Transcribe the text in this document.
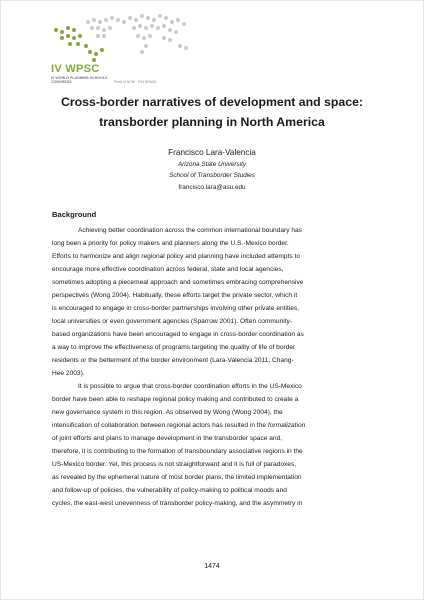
IV WPSC
IV WORLD PLANNING SCHOOLS CONGRESS	Perth of NOW · RIO BRAZIL
Cross-border narratives of development and space:
transborder planning in North America
Francisco Lara-Valencia
Arizona State University
School of Transborder Studies
francisco.lara@asu.edu
Background
Achieving better coordination across the common international boundary has
long been a priority for policy makers and planners along the U.S.-Mexico border.
Efforts to harmonize and align regional policy and planning have included attempts to
encourage more effective coordination across federal, state and local agencies,
sometimes adopting a piecemeal approach and sometimes embracing comprehensive
perspectives (Wong 2004). Habitually, these efforts target the private sector, which it
is encouraged to engage in cross-border partnerships involving other private entities,
local universities or even government agencies (Sparrow 2001). Often community-
based organizations have been encouraged to engage in cross-border coordination as
a way to improve the effectiveness of programs targeting the quality of life of border
residents or the betterment of the border environment (Lara-Valencia 2011; Chang-
Hee 2003).
It is possible to argue that cross-border coordination efforts in the US-Mexico
border have been able to reshape regional policy making and contributed to create a
new governance system in this region. As observed by Wong (Wong 2004), the
intensification of collaboration between regional actors has resulted in the formalization
of joint efforts and plans to manage development in the transborder space and,
therefore, it is contributing to the formation of transboundary associative regions in the
US-Mexico border. Yet, this process is not straightforward and it is full of paradoxes,
as revealed by the ephemeral nature of most border plans, the limited implementation
and follow-up of policies, the vulnerability of policy-making to political moods and
cycles, the east-west unevenness of transborder policy-making, and the asymmetry in
1474
